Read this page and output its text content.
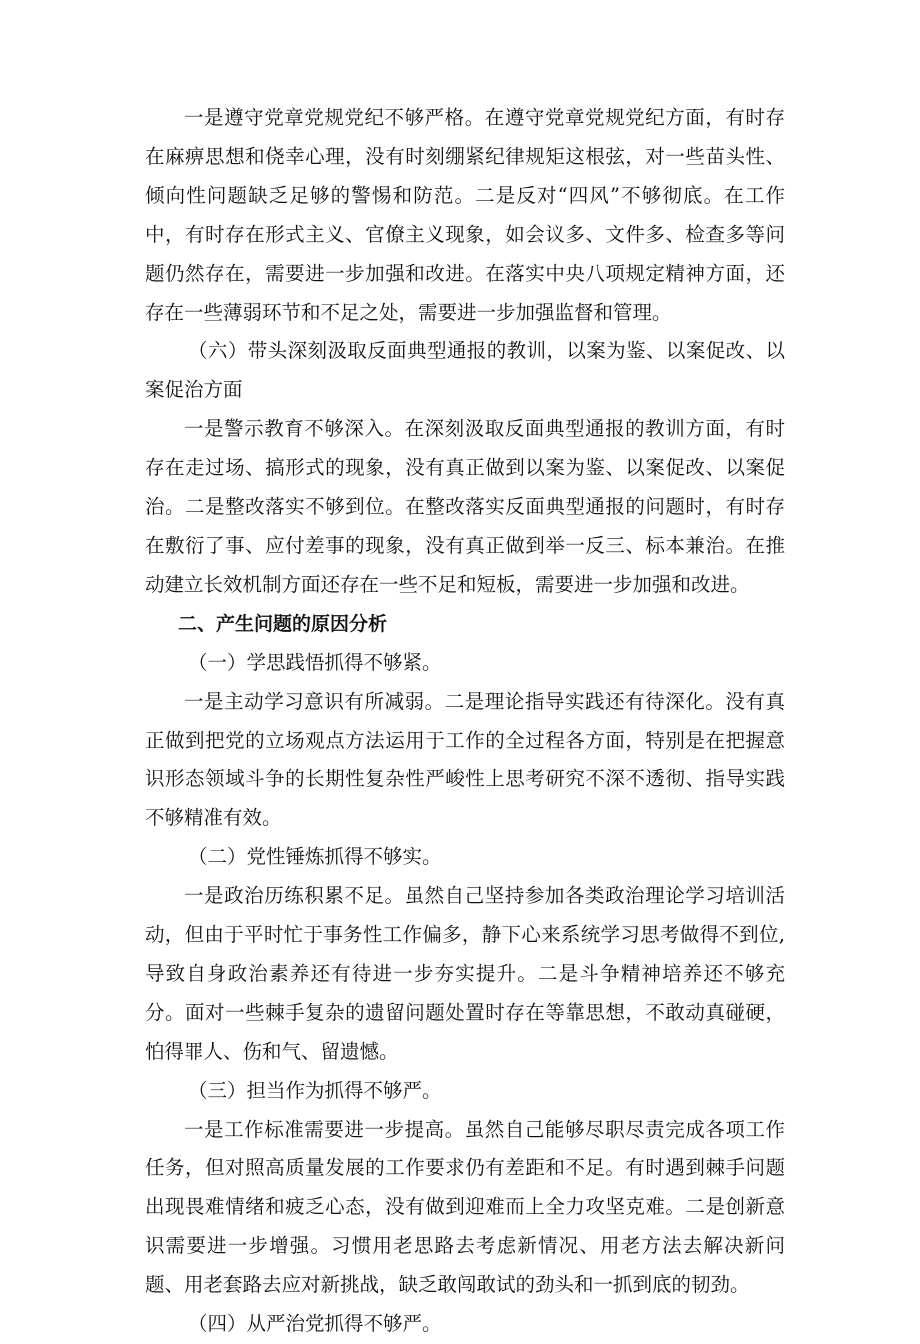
一是遵守党章党规党纪不够严格。在遵守党章党规党纪方面，有时存在麻痹思想和侥幸心理，没有时刻绷紧纪律规矩这根弦，对一些苗头性、倾向性问题缺乏足够的警惕和防范。二是反对“四风”不够彻底。在工作中，有时存在形式主义、官僚主义现象，如会议多、文件多、检查多等问题仍然存在，需要进一步加强和改进。在落实中央八项规定精神方面，还存在一些薄弱环节和不足之处，需要进一步加强监督和管理。

（六）带头深刻汲取反面典型通报的教训，以案为鉴、以案促改、以案促治方面

一是警示教育不够深入。在深刻汲取反面典型通报的教训方面，有时存在走过场、搞形式的现象，没有真正做到以案为鉴、以案促改、以案促治。二是整改落实不够到位。在整改落实反面典型通报的问题时，有时存在敷衍了事、应付差事的现象，没有真正做到举一反三、标本兼治。在推动建立长效机制方面还存在一些不足和短板，需要进一步加强和改进。

二、产生问题的原因分析

（一）学思践悟抓得不够紧。

一是主动学习意识有所减弱。二是理论指导实践还有待深化。没有真正做到把党的立场观点方法运用于工作的全过程各方面，特别是在把握意识形态领域斗争的长期性复杂性严峻性上思考研究不深不透彻、指导实践不够精准有效。

（二）党性锤炼抓得不够实。

一是政治历练积累不足。虽然自己坚持参加各类政治理论学习培训活动，但由于平时忙于事务性工作偏多，静下心来系统学习思考做得不到位,导致自身政治素养还有待进一步夯实提升。二是斗争精神培养还不够充分。面对一些棘手复杂的遗留问题处置时存在等靠思想，不敢动真碰硬，怕得罪人、伤和气、留遗憾。

（三）担当作为抓得不够严。

一是工作标准需要进一步提高。虽然自己能够尽职尽责完成各项工作任务，但对照高质量发展的工作要求仍有差距和不足。有时遇到棘手问题出现畏难情绪和疲乏心态，没有做到迎难而上全力攻坚克难。二是创新意识需要进一步增强。习惯用老思路去考虑新情况、用老方法去解决新问题、用老套路去应对新挑战，缺乏敢闯敢试的劲头和一抓到底的韧劲。

（四）从严治党抓得不够严。
